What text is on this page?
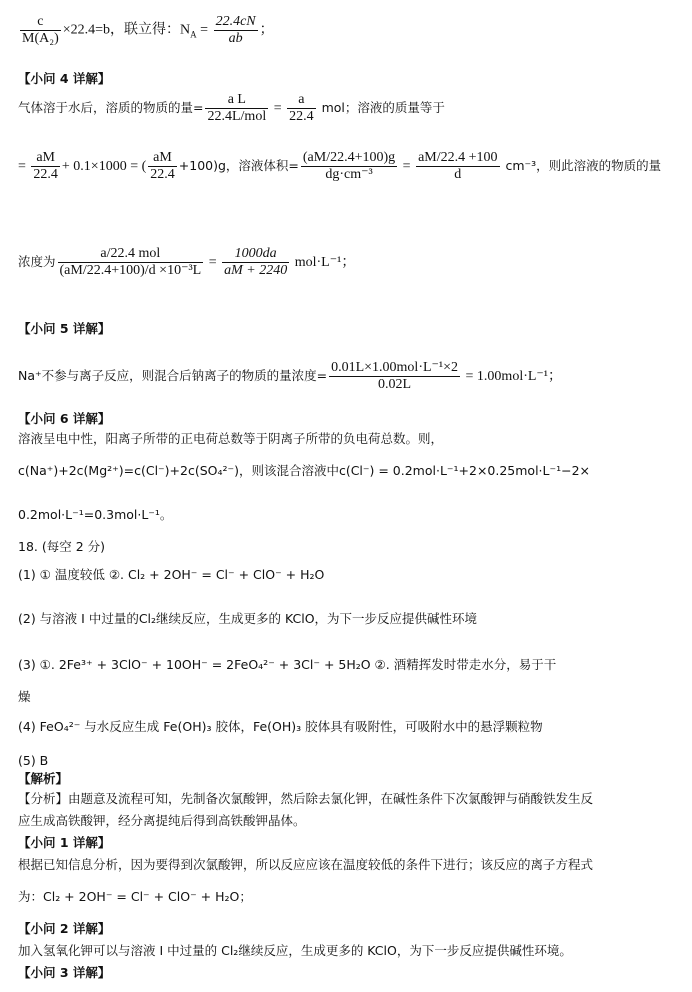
$\frac{c}{\text{M(A₂)}} \times 22.4=b$，联立得：$N_A = \frac{22.4cN}{ab}$ ；
【小问 4 详解】
气体溶于水后，溶质的物质的量= $\frac{\text{a L}}{\text{22.4L/mol}} = \frac{a}{22.4}$ mol；溶液的质量等于
= $\frac{aM}{22.4} + 0.1\times 1000$ = ( $\frac{aM}{22.4} +100)g$，溶液体积= $\frac{(aM/22.4+100)g}{\text{dg·cm⁻³}} = \frac{aM/22.4 +100}{d} cm^{-3}$，则此溶液的物质的量
浓度为 $\frac{\text{a/22.4 mol}}{\text{(aM/22.4+100)/d ×10⁻³L}} = \frac{1000da}{aM + 2240} mol\cdot L^{-1}$；
【小问 5 详解】
Na⁺不参与离子反应，则混合后钠离子的物质的量浓度= $\frac{\text{0.01L×1.00mol·L⁻¹×2}}{0.02L} = 1.00mol\cdot L^{-1}$；
【小问 6 详解】
溶液呈电中性，阳离子所带的正电荷总数等于阴离子所带的负电荷总数。则，
c(Na⁺)+2c(Mg²⁺)=c(Cl⁻)+2c(SO₄²⁻)，则该混合溶液中c(Cl⁻) = 0.2mol·L⁻¹+2×0.25mol·L⁻¹−2×
0.2mol·L⁻¹=0.3mol·L⁻¹。
18. (每空 2 分)
(1) ① 温度较低 ②. Cl₂ + 2OH⁻ = Cl⁻ + ClO⁻ + H₂O
(2) 与溶液 I 中过量的Cl₂继续反应，生成更多的 KClO，为下一步反应提供碱性环境
(3) ①. 2Fe³⁺ + 3ClO⁻ + 10OH⁻ = 2FeO₄²⁻ + 3Cl⁻ + 5H₂O ②. 酒精挥发时带走水分，易于干
燥
(4) FeO₄²⁻ 与水反应生成 Fe(OH)₃ 胶体，Fe(OH)₃ 胶体具有吸附性，可吸附水中的悬浮颗粒物
(5) B
【解析】
【分析】由题意及流程可知，先制备次氯酸钾，然后除去氯化钾，在碱性条件下次氯酸钾与硝酸铁发生反
应生成高铁酸钾，经分离提纯后得到高铁酸钾晶体。
【小问 1 详解】
根据已知信息分析，因为要得到次氯酸钾，所以反应应该在温度较低的条件下进行；该反应的离子方程式
为：Cl₂ + 2OH⁻ = Cl⁻ + ClO⁻ + H₂O；
【小问 2 详解】
加入氢氧化钾可以与溶液 I 中过量的 Cl₂继续反应，生成更多的 KClO，为下一步反应提供碱性环境。
【小问 3 详解】
